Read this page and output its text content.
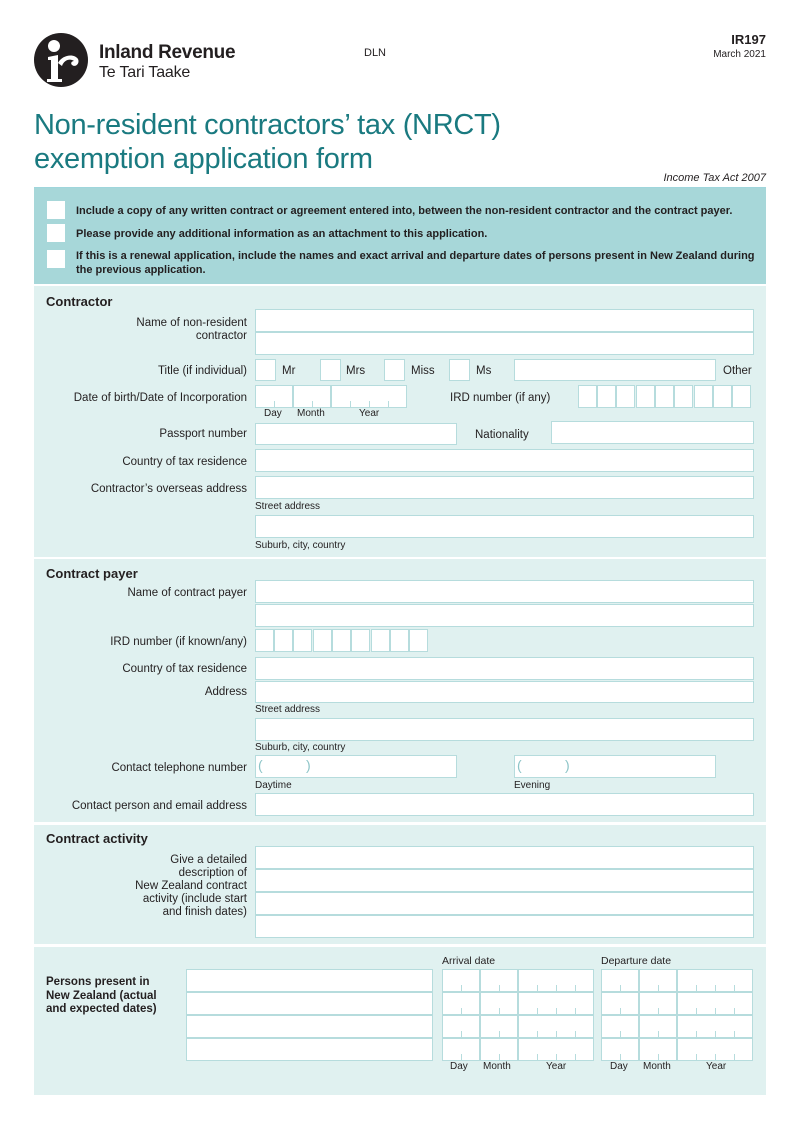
Inland Revenue
Te Tari Taake
DLN
IR197
March 2021
Non-resident contractors’ tax (NRCT)
exemption application form
Income Tax Act 2007
Include a copy of any written contract or agreement entered into, between the non-resident contractor and the contract payer.
Please provide any additional information as an attachment to this application.
If this is a renewal application, include the names and exact arrival and departure dates of persons present in New Zealand during the previous application.
Contractor
Name of non-resident
contractor
Title (if individual)	Mr	Mrs	Miss	Ms	Other
Date of birth/Date of Incorporation
Day Month	Year
IRD number (if any)
Passport number	Nationality
Country of tax residence
Contractor’s overseas address
Street address
Suburb, city, country
Contract payer
Name of contract payer
IRD number (if known/any)
Country of tax residence
Address
Street address
Suburb, city, country
Contact telephone number (	)
Daytime
(	)
Evening
Contact person and email address
Contract activity
Give a detailed
description of
New Zealand contract
activity (include start
and finish dates)
Persons present in
New Zealand (actual
and expected dates)
Arrival date	Departure date
Day Month	Year	Day Month	Year
